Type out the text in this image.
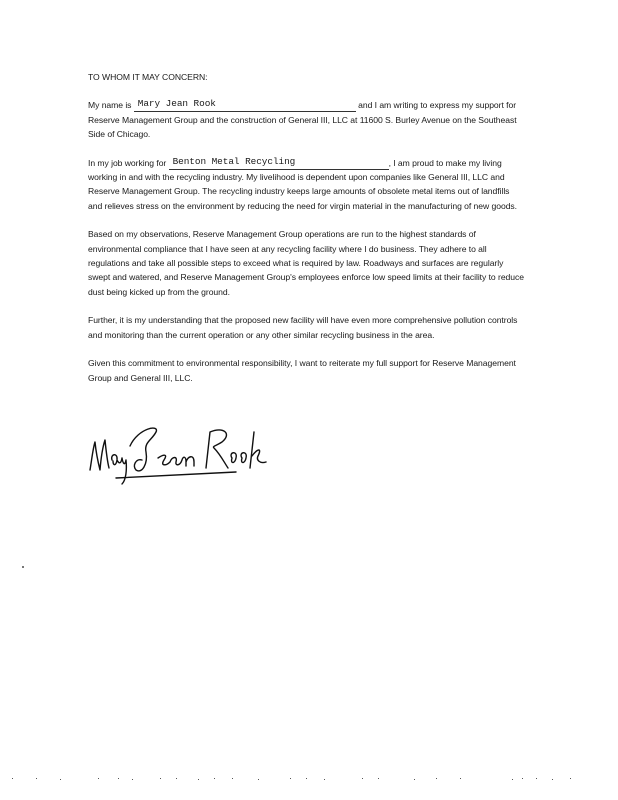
TO WHOM IT MAY CONCERN:

My name is Mary Jean Rook	and I am writing to express my support for Reserve Management Group and the construction of General III, LLC at 11600 S. Burley Avenue on the Southeast Side of Chicago.

In my job working for Benton Metal Recycling	, I am proud to make my living working in and with the recycling industry. My livelihood is dependent upon companies like General III, LLC and Reserve Management Group. The recycling industry keeps large amounts of obsolete metal items out of landfills and relieves stress on the environment by reducing the need for virgin material in the manufacturing of new goods.

Based on my observations, Reserve Management Group operations are run to the highest standards of environmental compliance that I have seen at any recycling facility where I do business. They adhere to all regulations and take all possible steps to exceed what is required by law. Roadways and surfaces are regularly swept and watered, and Reserve Management Group's employees enforce low speed limits at their facility to reduce dust being kicked up from the ground.

Further, it is my understanding that the proposed new facility will have even more comprehensive pollution controls and monitoring than the current operation or any other similar recycling business in the area.

Given this commitment to environmental responsibility, I want to reiterate my full support for Reserve Management Group and General III, LLC.
